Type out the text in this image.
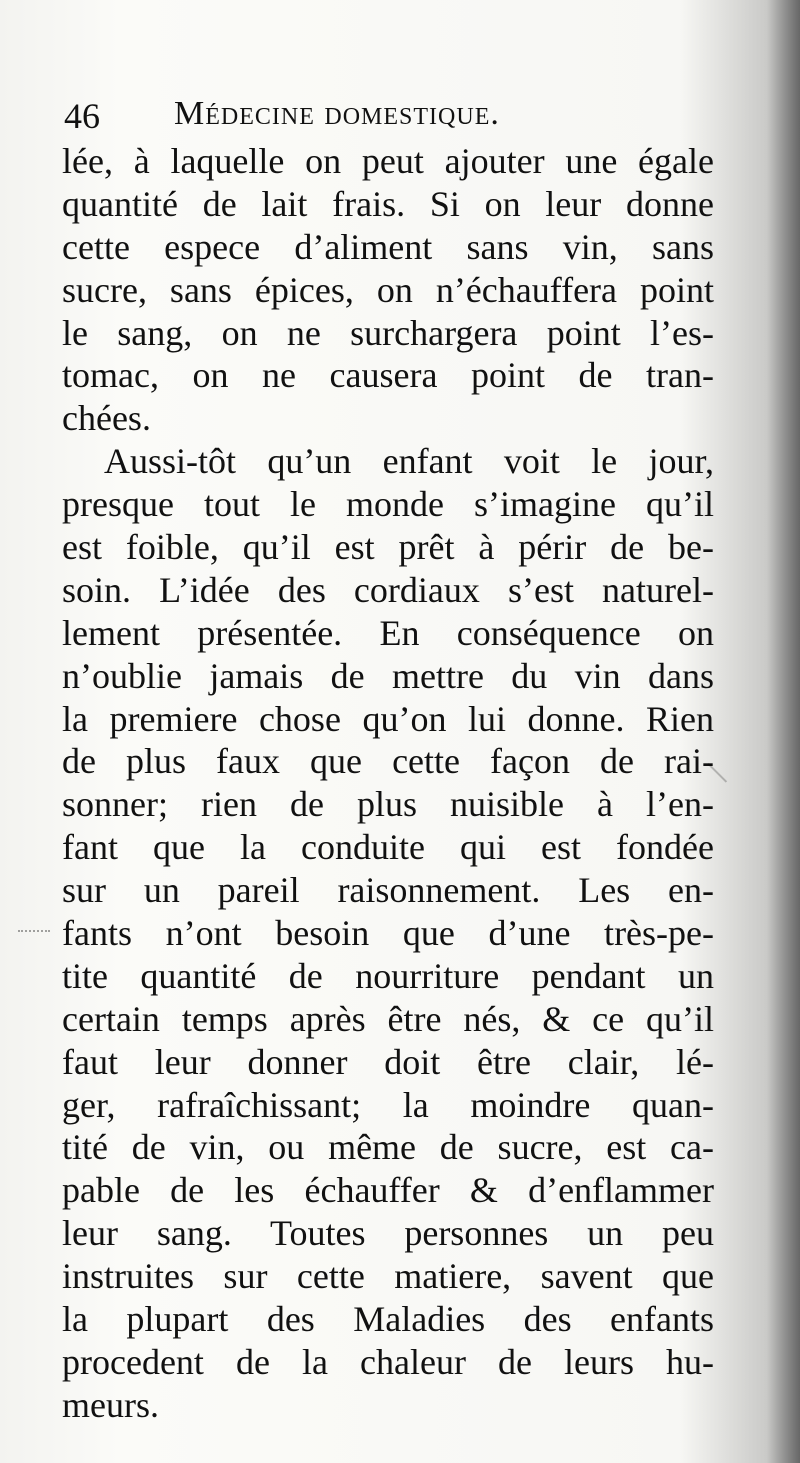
46 Médecine domestique.
lée, à laquelle on peut ajouter une égale
quantité de lait frais. Si on leur donne
cette espece d’aliment sans vin, sans
sucre, sans épices, on n’échauffera point
le sang, on ne surchargera point l’es-
tomac, on ne causera point de tran-
chées.
Aussi-tôt qu’un enfant voit le jour,
presque tout le monde s’imagine qu’il
est foible, qu’il est prêt à périr de be-
soin. L’idée des cordiaux s’est naturel-
lement présentée. En conséquence on
n’oublie jamais de mettre du vin dans
la premiere chose qu’on lui donne. Rien
de plus faux que cette façon de rai-
sonner; rien de plus nuisible à l’en-
fant que la conduite qui est fondée
sur un pareil raisonnement. Les en-
fants n’ont besoin que d’une très-pe-
tite quantité de nourriture pendant un
certain temps après être nés, & ce qu’il
faut leur donner doit être clair, lé-
ger, rafraîchissant; la moindre quan-
tité de vin, ou même de sucre, est ca-
pable de les échauffer & d’enflammer
leur sang. Toutes personnes un peu
instruites sur cette matiere, savent que
la plupart des Maladies des enfants
procedent de la chaleur de leurs hu-
meurs.
